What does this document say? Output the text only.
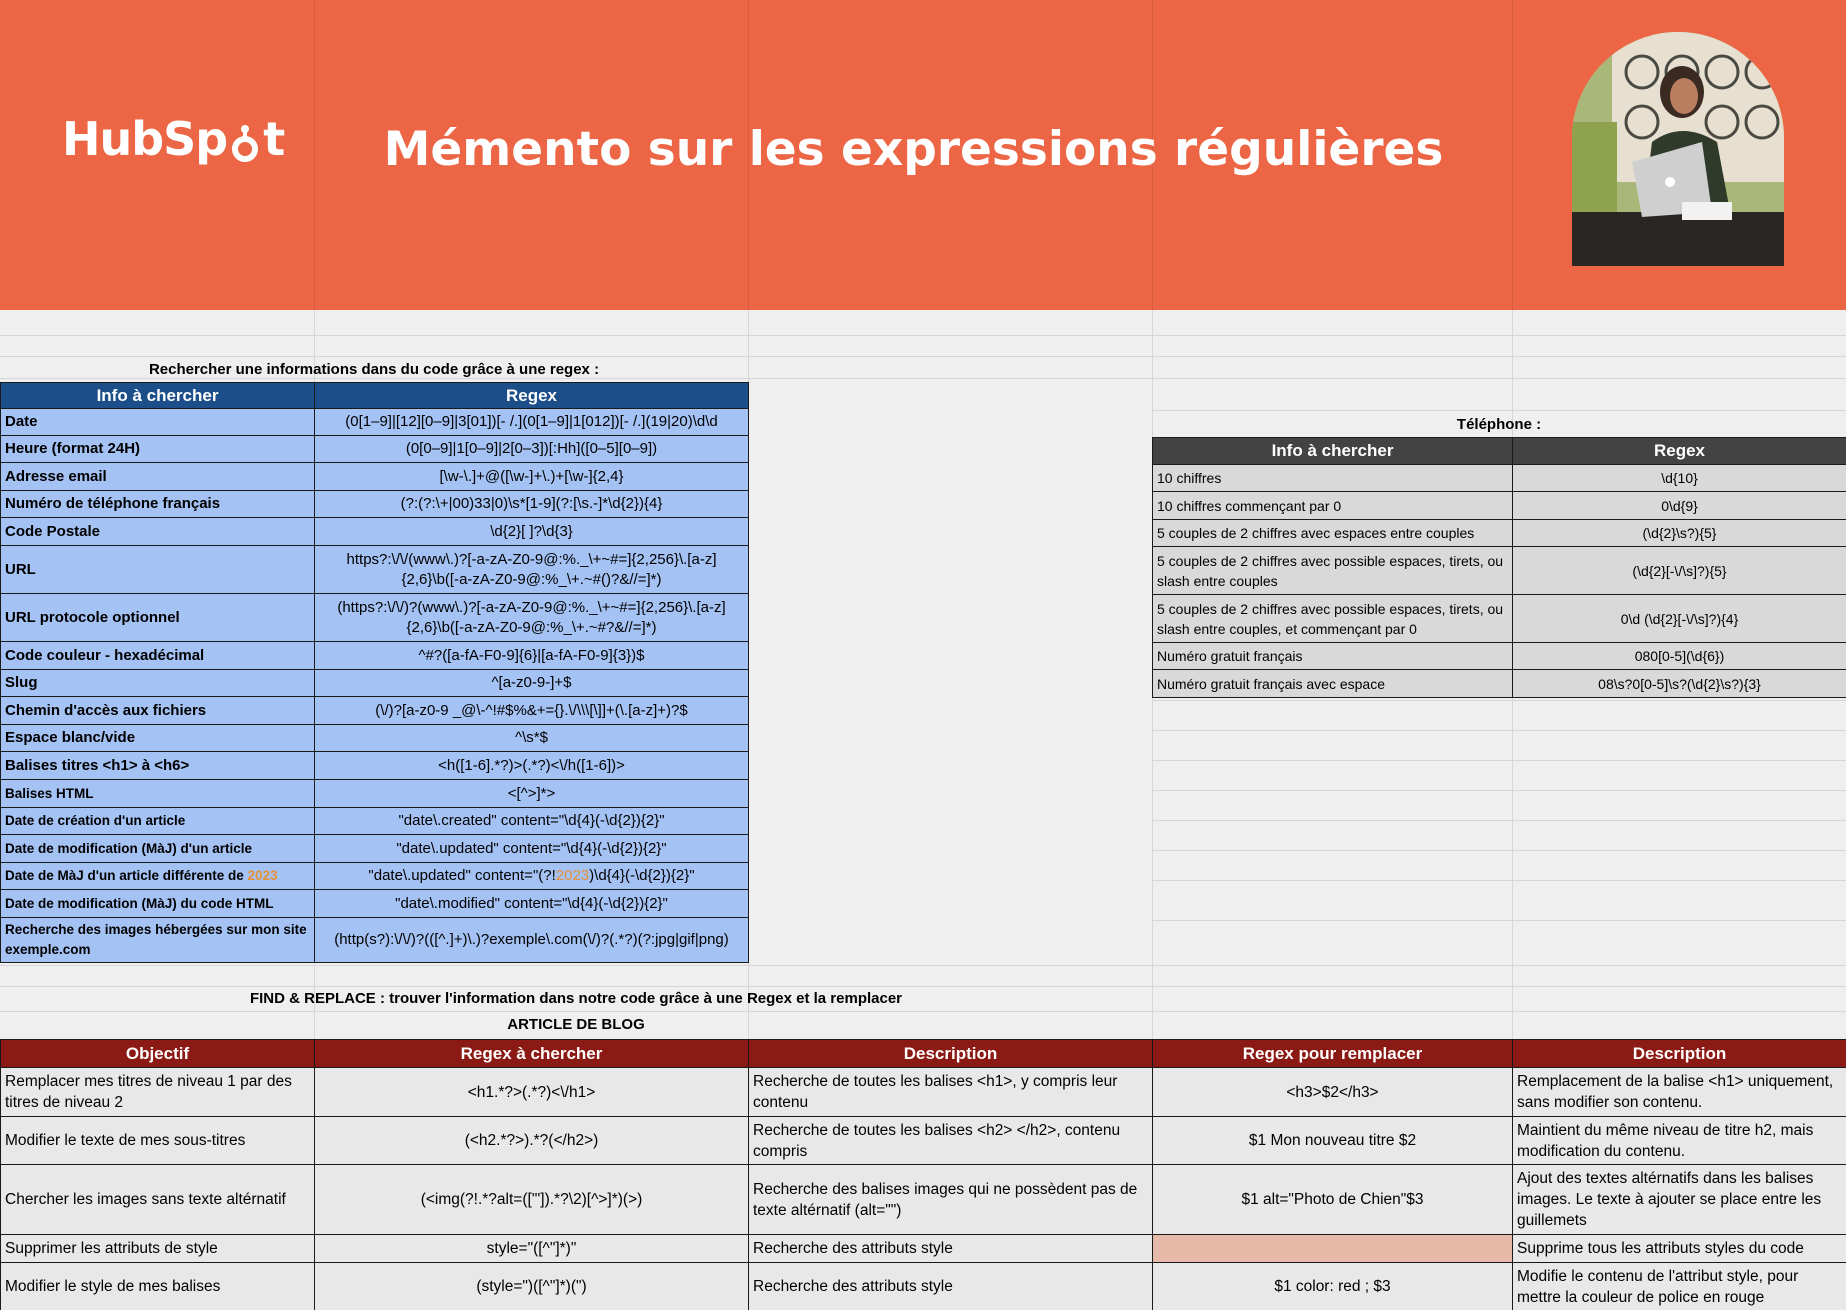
HubSp t	Mémento sur les expressions régulières
Rechercher une informations dans du code grâce à une regex :
Info à chercher	Regex
Date	(0[1–9]|[12][0–9]|3[01])[- /.](0[1–9]|1[012])[- /.](19|20)\d\d
Heure (format 24H)	(0[0–9]|1[0–9]|2[0–3])[:Hh]([0–5][0–9])
Adresse email	[\w-\.]+@([\w-]+\.)+[\w-]{2,4}
Numéro de téléphone français	(?:(?:\+|00)33|0)\s*[1-9](?:[\s.-]*\d{2}){4}
Code Postale	\d{2}[ ]?\d{3}
URL	https?:\/\/(www\.)?[-a-zA-Z0-9@:%._\+~#=]{2,256}\.[a-z]{2,6}\b([-a-zA-Z0-9@:%_\+.~#()?&//=]*)
URL protocole optionnel	(https?:\/\/)?(www\.)?[-a-zA-Z0-9@:%._\+~#=]{2,256}\.[a-z]{2,6}\b([-a-zA-Z0-9@:%_\+.~#?&//=]*)
Code couleur - hexadécimal	^#?([a-fA-F0-9]{6}|[a-fA-F0-9]{3})$
Slug	^[a-z0-9-]+$
Chemin d'accès aux fichiers	(\/)?[a-z0-9 _@\-^!#$%&+={}.\/\\\[\]]+(\.[a-z]+)?$
Espace blanc/vide	^\s*$
Balises titres <h1> à <h6>	<h([1-6].*?)>(.*?)<\/h([1-6])>
Balises HTML	<[^>]*>
Date de création d'un article	"date\.created" content="\d{4}(-\d{2}){2}"
Date de modification (MàJ) d'un article	"date\.updated" content="\d{4}(-\d{2}){2}"
Date de MàJ d'un article différente de 2023	"date\.updated" content="(?!2023)\d{4}(-\d{2}){2}"
Date de modification (MàJ) du code HTML	"date\.modified" content="\d{4}(-\d{2}){2}"
Recherche des images hébergées sur mon site exemple.com	(http(s?):\/\/)?(([^.]+)\.)?exemple\.com(\/)?(.*?)(?:jpg|gif|png)
Téléphone :
Info à chercher	Regex
10 chiffres	\d{10}
10 chiffres commençant par 0	0\d{9}
5 couples de 2 chiffres avec espaces entre couples	(\d{2}\s?){5}
5 couples de 2 chiffres avec possible espaces, tirets, ou slash entre couples	(\d{2}[-\/\s]?){5}
5 couples de 2 chiffres avec possible espaces, tirets, ou slash entre couples, et commençant par 0	0\d (\d{2}[-\/\s]?){4}
Numéro gratuit français	080[0-5](\d{6})
Numéro gratuit français avec espace	08\s?0[0-5]\s?(\d{2}\s?){3}
FIND & REPLACE : trouver l'information dans notre code grâce à une Regex et la remplacer
ARTICLE DE BLOG
Objectif	Regex à chercher	Description	Regex pour remplacer	Description
Remplacer mes titres de niveau 1 par des titres de niveau 2	<h1.*?>(.*?)<\/h1>	Recherche de toutes les balises <h1>, y compris leur contenu	<h3>$2</h3>	Remplacement de la balise <h1> uniquement, sans modifier son contenu.
Modifier le texte de mes sous-titres	(<h2.*?>).*?(</h2>)	Recherche de toutes les balises <h2> </h2>, contenu compris	$1 Mon nouveau titre $2	Maintient du même niveau de titre h2, mais modification du contenu.
Chercher les images sans texte altérnatif	(<img(?!.*?alt=(["']).*?\2)[^>]*)(>)	Recherche des balises images qui ne possèdent pas de texte altérnatif (alt="")	$1 alt="Photo de Chien"$3	Ajout des textes altérnatifs dans les balises images. Le texte à ajouter se place entre les guillemets
Supprimer les attributs de style	style="([^"]*)"	Recherche des attributs style		Supprime tous les attributs styles du code
Modifier le style de mes balises	(style=")([^"]*)(")	Recherche des attributs style	$1 color: red ; $3	Modifie le contenu de l'attribut style, pour mettre la couleur de police en rouge
